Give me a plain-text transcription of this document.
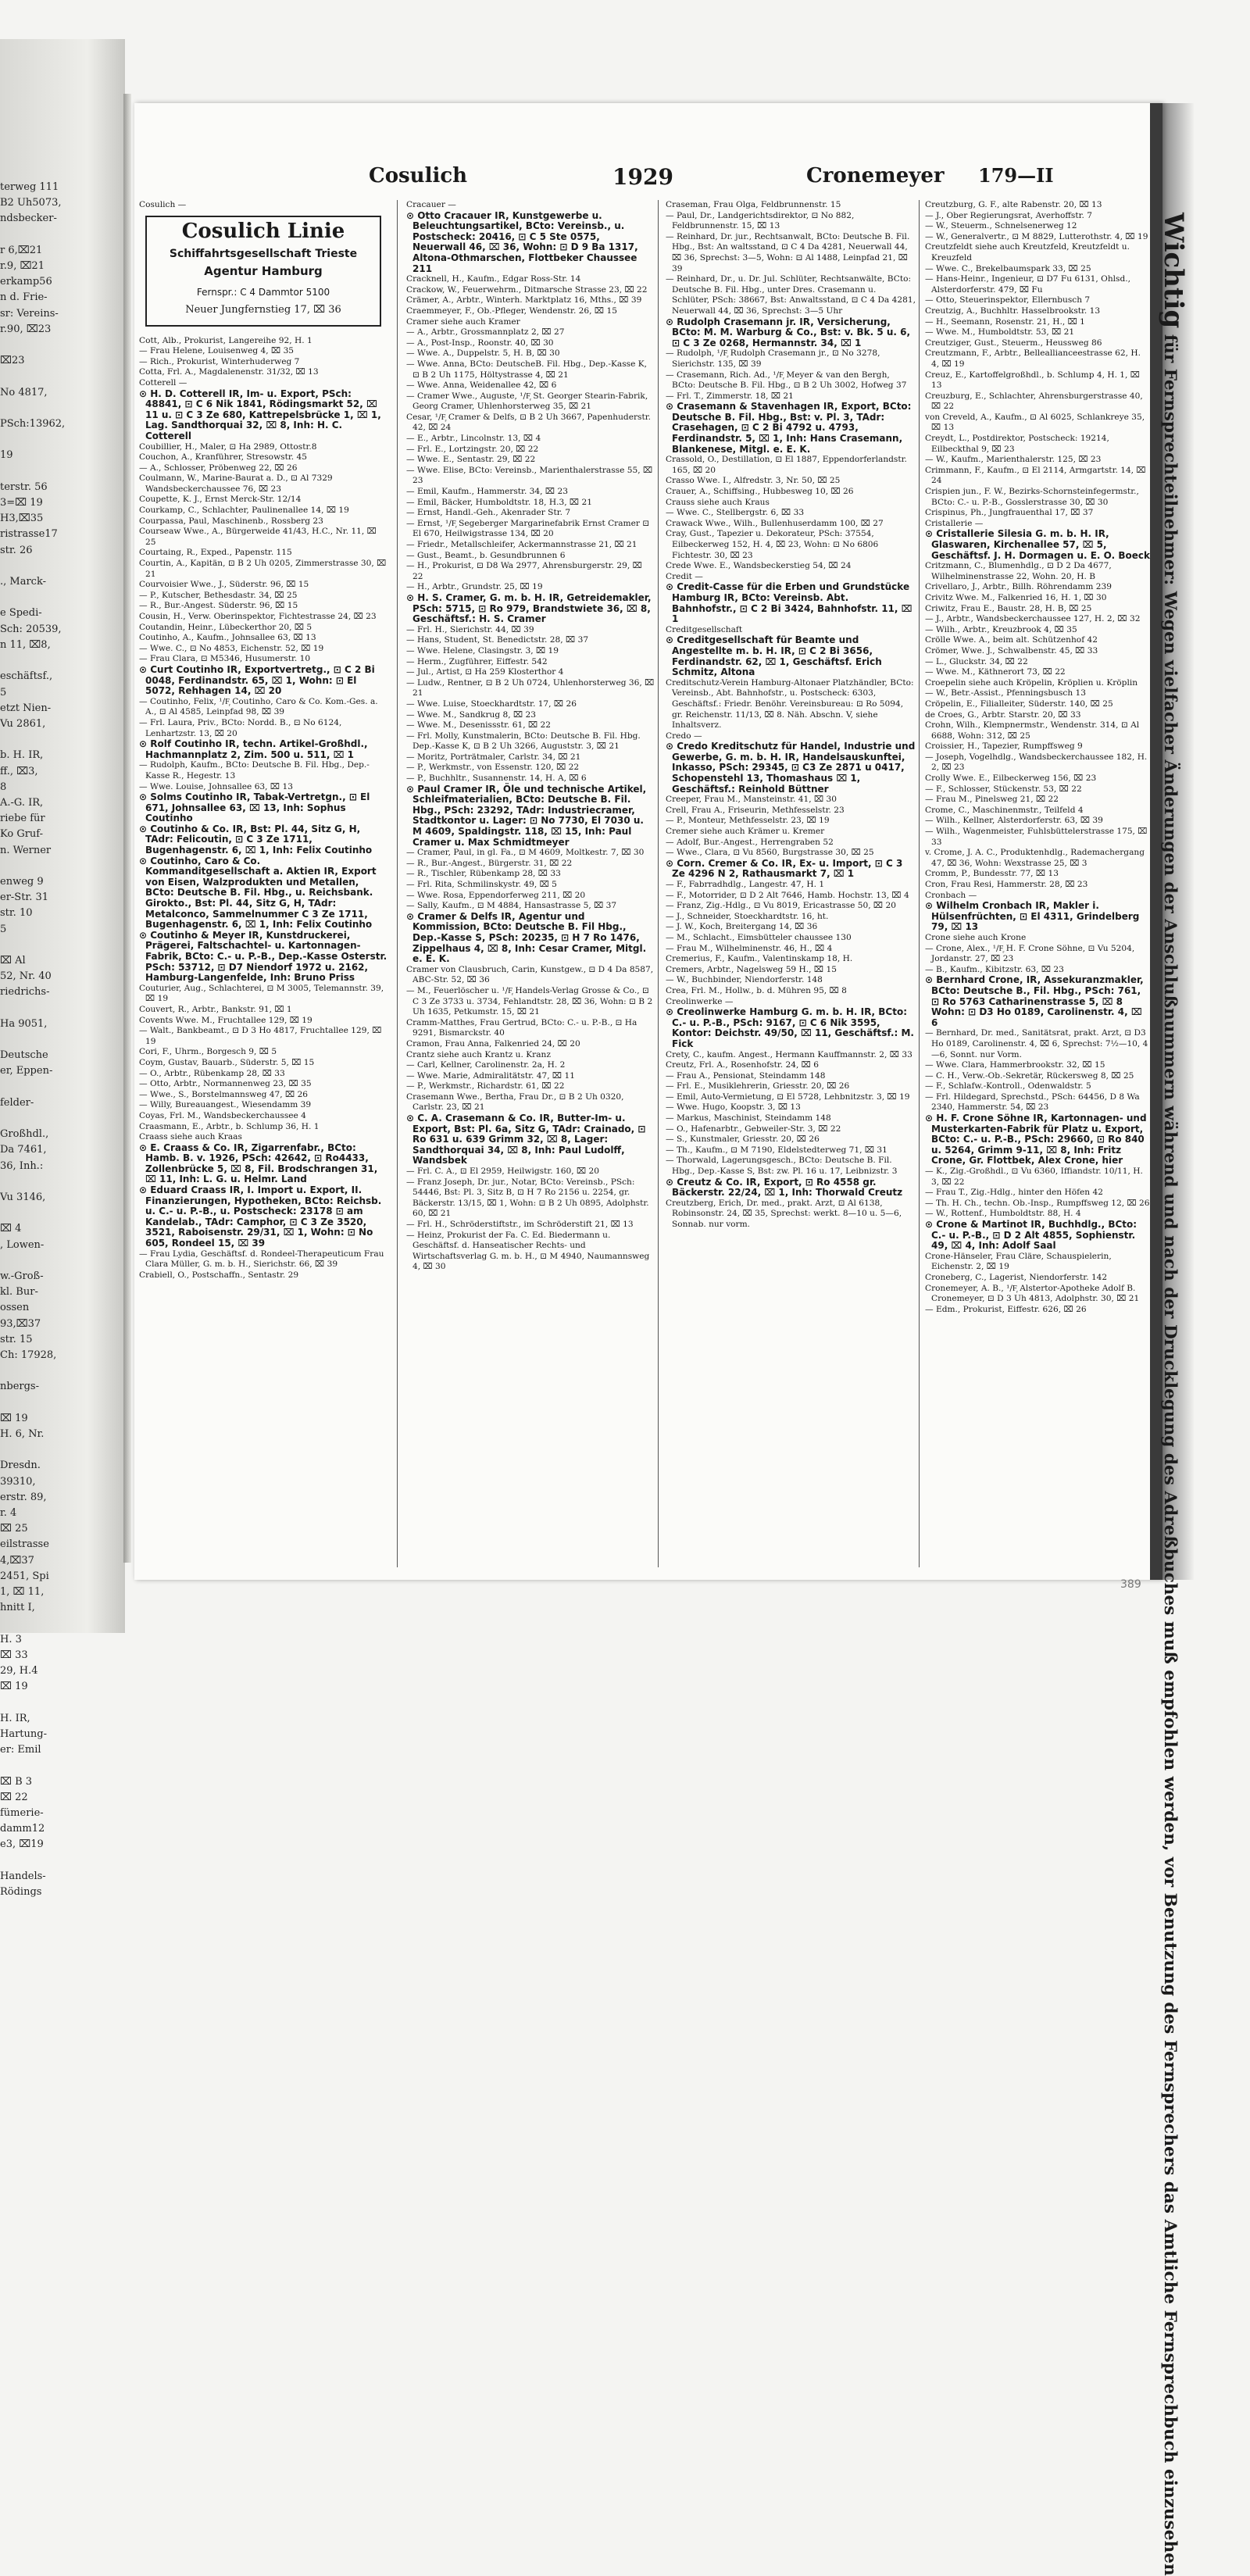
terweg 111
B2 Uh5073,
ndsbecker-

r 6,⌧21
r.9, ⌧21
erkamp56
n d. Frie-
sr: Vereins-
r.90, ⌧23

⌧23

No 4817,

PSch:13962,

19

terstr. 56
3=⌧ 19
H3,⌧35
ristrasse17
str. 26

., Marck-

e Spedi-
Sch: 20539,
n 11, ⌧8,

eschäftsf.,
5
etzt Nien-
Vu 2861,

b. H. IR,
ff., ⌧3,
8
A.-G. IR,
riebe für
Ko Gruf-
n. Werner

enweg 9
er-Str. 31
str. 10
5

⌧ Al
52, Nr. 40
riedrichs-

Ha 9051,

Deutsche
er, Eppen-

felder-

Großhdl.,
Da 7461,
36, Inh.:

Vu 3146,

⌧ 4
, Lowen-

w.-Groß-
kl. Bur-
ossen
93,⌧37
str. 15
Ch: 17928,

nbergs-

⌧ 19
H. 6, Nr.

Dresdn.
39310,
erstr. 89,
r. 4
⌧ 25
eilstrasse
4,⌧37
2451, Spi
1, ⌧ 11,
hnitt I,

H. 3
⌧ 33
29, H.4
⌧ 19

H. IR,
Hartung-
er: Emil

⌧ B 3
⌧ 22
fümerie-
damm12
e3, ⌧19

Handels-
Rödings
Cosulich	1929	Cronemeyer 179—II
Cosulich —
Cosulich Linie
Schiffahrtsgesellschaft Trieste
Agentur Hamburg
Fernspr.: C 4 Dammtor 5100
Neuer Jungfernstieg 17, ⌧ 36
Cott, Alb., Prokurist, Langereihe 92, H. 1
— Frau Helene, Louisenweg 4, ⌧ 35
— Rich., Prokurist, Winterhuderweg 7
Cotta, Frl. A., Magdalenenstr. 31/32, ⌧ 13
Cotterell —
⊙ H. D. Cotterell IR, Im- u. Export, PSch: 48841, ⊡ C 6 Nik 1841, Rödingsmarkt 52, ⌧ 11 u. ⊡ C 3 Ze 680, Kattrepelsbrücke 1, ⌧ 1, Lag. Sandthorquai 32, ⌧ 8, Inh: H. C. Cotterell
Coubillier, H., Maler, ⊡ Ha 2989, Ottostr.8
Couchon, A., Kranführer, Stresowstr. 45
— A., Schlosser, Pröbenweg 22, ⌧ 26
Coulmann, W., Marine-Baurat a. D., ⊡ Al 7329 Wandsbeckerchaussee 76, ⌧ 23
Coupette, K. J., Ernst Merck-Str. 12/14
Courkamp, C., Schlachter, Paulinenallee 14, ⌧ 19
Courpassa, Paul, Maschinenb., Rossberg 23
Courseaw Wwe., A., Bürgerweide 41/43, H.C., Nr. 11, ⌧ 25
Courtaing, R., Exped., Papenstr. 115
Courtin, A., Kapitän, ⊡ B 2 Uh 0205, Zimmerstrasse 30, ⌧ 21
Courvoisier Wwe., J., Süderstr. 96, ⌧ 15
— P., Kutscher, Bethesdastr. 34, ⌧ 25
— R., Bur.-Angest. Süderstr. 96, ⌧ 15
Cousin, H., Verw. Oberinspektor, Fichtestrasse 24, ⌧ 23
Coutandin, Heinr., Lübeckerthor 20, ⌧ 5
Coutinho, A., Kaufm., Johnsallee 63, ⌧ 13
— Wwe. C., ⊡ No 4853, Eichenstr. 52, ⌧ 19
— Frau Clara, ⊡ M5346, Husumerstr. 10
⊙ Curt Coutinho IR, Exportvertretg., ⊡ C 2 Bi 0048, Ferdinandstr. 65, ⌧ 1, Wohn: ⊡ El 5072, Rehhagen 14, ⌧ 20
— Coutinho, Felix, ¹/F᷊ Coutinho, Caro & Co. Kom.-Ges. a. A., ⊡ Al 4585, Leinpfad 98, ⌧ 39
— Frl. Laura, Priv., BCto: Nordd. B., ⊡ No 6124, Lenhartzstr. 13, ⌧ 20
⊙ Rolf Coutinho IR, techn. Artikel-Großhdl., Hachmannplatz 2, Zim. 500 u. 511, ⌧ 1
— Rudolph, Kaufm., BCto: Deutsche B. Fil. Hbg., Dep.-Kasse R., Hegestr. 13
— Wwe. Louise, Johnsallee 63, ⌧ 13
⊙ Solms Coutinho IR, Tabak-Vertretgn., ⊡ El 671, Johnsallee 63, ⌧ 13, Inh: Sophus Coutinho
⊙ Coutinho & Co. IR, Bst: Pl. 44, Sitz G, H, TAdr: Felicoutin, ⊡ C 3 Ze 1711, Bugenhagenstr. 6, ⌧ 1, Inh: Felix Coutinho
⊙ Coutinho, Caro & Co. Kommanditgesellschaft a. Aktien IR, Export von Eisen, Walzprodukten und Metallen, BCto: Deutsche B. Fil. Hbg., u. Reichsbank. Girokto., Bst: Pl. 44, Sitz G, H, TAdr: Metalconco, Sammelnummer C 3 Ze 1711, Bugenhagenstr. 6, ⌧ 1, Inh: Felix Coutinho
⊙ Coutinho & Meyer IR, Kunstdruckerei, Prägerei, Faltschachtel- u. Kartonnagen-Fabrik, BCto: C.- u. P.-B., Dep.-Kasse Osterstr. PSch: 53712, ⊡ D7 Niendorf 1972 u. 2162, Hamburg-Langenfelde, Inh: Bruno Priss
Couturier, Aug., Schlachterei, ⊡ M 3005, Telemannstr. 39, ⌧ 19
Couvert, R., Arbtr., Bankstr. 91, ⌧ 1
Covents Wwe. M., Fruchtallee 129, ⌧ 19
— Walt., Bankbeamt., ⊡ D 3 Ho 4817, Fruchtallee 129, ⌧ 19
Cori, F., Uhrm., Borgesch 9, ⌧ 5
Coym, Gustav, Bauarb., Süderstr. 5, ⌧ 15
— O., Arbtr., Rübenkamp 28, ⌧ 33
— Otto, Arbtr., Normannenweg 23, ⌧ 35
— Wwe., S., Borstelmannsweg 47, ⌧ 26
— Willy, Bureauangest., Wiesendamm 39
Coyas, Frl. M., Wandsbeckerchaussee 4
Craasmann, E., Arbtr., b. Schlump 36, H. 1
Craass siehe auch Kraas
⊙ E. Craass & Co. IR, Zigarrenfabr., BCto: Hamb. B. v. 1926, PSch: 42642, ⊡ Ro4433, Zollenbrücke 5, ⌧ 8, Fil. Brodschrangen 31, ⌧ 11, Inh: L. G. u. Helmr. Land
⊙ Eduard Craass IR, I. Import u. Export, II. Finanzierungen, Hypotheken, BCto: Reichsb. u. C.- u. P.-B., u. Postscheck: 23178 ⊡ am Kandelab., TAdr: Camphor, ⊡ C 3 Ze 3520, 3521, Raboisenstr. 29/31, ⌧ 1, Wohn: ⊡ No 605, Rondeel 15, ⌧ 39
— Frau Lydia, Geschäftsf. d. Rondeel-Therapeuticum Frau Clara Müller, G. m. b. H., Sierichstr. 66, ⌧ 39
Crabiell, O., Postschaffn., Sentastr. 29
Cracauer —
⊙ Otto Cracauer IR, Kunstgewerbe u. Beleuchtungsartikel, BCto: Vereinsb., u. Postscheck: 20416, ⊡ C 5 Ste 0575, Neuerwall 46, ⌧ 36, Wohn: ⊡ D 9 Ba 1317, Altona-Othmarschen, Flottbeker Chaussee 211
Cracknell, H., Kaufm., Edgar Ross-Str. 14
Crackow, W., Feuerwehrm., Ditmarsche Strasse 23, ⌧ 22
Crämer, A., Arbtr., Winterh. Marktplatz 16, Mths., ⌧ 39
Craemmeyer, F., Ob.-Pfleger, Wendenstr. 26, ⌧ 15
Cramer siehe auch Kramer
— A., Arbtr., Grossmannplatz 2, ⌧ 27
— A., Post-Insp., Roonstr. 40, ⌧ 30
— Wwe. A., Duppelstr. 5, H. B, ⌧ 30
— Wwe. Anna, BCto: DeutscheB. Fil. Hbg., Dep.-Kasse K, ⊡ B 2 Uh 1175, Höltystrasse 4, ⌧ 21
— Wwe. Anna, Weidenallee 42, ⌧ 6
— Cramer Wwe., Auguste, ¹/F᷊ St. Georger Stearin-Fabrik, Georg Cramer, Uhlenhorsterweg 35, ⌧ 21
Cesar, ¹/F᷊ Cramer & Delfs, ⊡ B 2 Uh 3667, Papenhuderstr. 42, ⌧ 24
— E., Arbtr., Lincolnstr. 13, ⌧ 4
— Frl. E., Lortzingstr. 20, ⌧ 22
— Wwe. E., Sentastr. 29, ⌧ 22
— Wwe. Elise, BCto: Vereinsb., Marienthalerstrasse 55, ⌧ 23
— Emil, Kaufm., Hammerstr. 34, ⌧ 23
— Emil, Bäcker, Humboldtstr. 18, H.3, ⌧ 21
— Ernst, Handl.-Geh., Akenrader Str. 7
— Ernst, ¹/F᷊ Segeberger Margarinefabrik Ernst Cramer ⊡ El 670, Heilwigstrasse 134, ⌧ 20
— Friedr., Metallschleifer, Ackermannstrasse 21, ⌧ 21
— Gust., Beamt., b. Gesundbrunnen 6
— H., Prokurist, ⊡ D8 Wa 2977, Ahrensburgerstr. 29, ⌧ 22
— H., Arbtr., Grundstr. 25, ⌧ 19
⊙ H. S. Cramer, G. m. b. H. IR, Getreidemakler, PSch: 5715, ⊡ Ro 979, Brandstwiete 36, ⌧ 8, Geschäftsf.: H. S. Cramer
— Frl. H., Sierichstr. 44, ⌧ 39
— Hans, Student, St. Benedictstr. 28, ⌧ 37
— Wwe. Helene, Clasingstr. 3, ⌧ 19
— Herm., Zugführer, Eiffestr. 542
— Jul., Artist, ⊡ Ha 259 Klosterthor 4
— Ludw., Rentner, ⊡ B 2 Uh 0724, Uhlenhorsterweg 36, ⌧ 21
— Wwe. Luise, Stoeckhardtstr. 17, ⌧ 26
— Wwe. M., Sandkrug 8, ⌧ 23
— Wwe. M., Desenissstr. 61, ⌧ 22
— Frl. Molly, Kunstmalerin, BCto: Deutsche B. Fil. Hbg. Dep.-Kasse K, ⊡ B 2 Uh 3266, Auguststr. 3, ⌧ 21
— Moritz, Porträtmaler, Carlstr. 34, ⌧ 21
— P., Werkmstr., von Essenstr. 120, ⌧ 22
— P., Buchhltr., Susannenstr. 14, H. A, ⌧ 6
⊙ Paul Cramer IR, Öle und technische Artikel, Schleifmaterialien, BCto: Deutsche B. Fil. Hbg., PSch: 23292, TAdr: Industriecramer, Stadtkontor u. Lager: ⊡ No 7730, El 7030 u. M 4609, Spaldingstr. 118, ⌧ 15, Inh: Paul Cramer u. Max Schmidtmeyer
— Cramer, Paul, in gl. Fa., ⊡ M 4609, Moltkestr. 7, ⌧ 30
— R., Bur.-Angest., Bürgerstr. 31, ⌧ 22
— R., Tischler, Rübenkamp 28, ⌧ 33
— Frl. Rita, Schmilinskystr. 49, ⌧ 5
— Wwe. Rosa, Eppendorferweg 211, ⌧ 20
— Sally, Kaufm., ⊡ M 4884, Hansastrasse 5, ⌧ 37
⊙ Cramer & Delfs IR, Agentur und Kommission, BCto: Deutsche B. Fil Hbg., Dep.-Kasse S, PSch: 20235, ⊡ H 7 Ro 1476, Zippelhaus 4, ⌧ 8, Inh: Cesar Cramer, Mitgl. e. E. K.
Cramer von Clausbruch, Carin, Kunstgew., ⊡ D 4 Da 8587, ABC-Str. 52, ⌧ 36
— M., Feuerlöscher u. ¹/F᷊ Handels-Verlag Grosse & Co., ⊡ C 3 Ze 3733 u. 3734, Fehlandtstr. 28, ⌧ 36, Wohn: ⊡ B 2 Uh 1635, Petkumstr. 15, ⌧ 21
Cramm-Matthes, Frau Gertrud, BCto: C.- u. P.-B., ⊡ Ha 9291, Bismarckstr. 40
Cramon, Frau Anna, Falkenried 24, ⌧ 20
Crantz siehe auch Krantz u. Kranz
— Carl, Kellner, Carolinenstr. 2a, H. 2
— Wwe. Marie, Admiralitätstr. 47, ⌧ 11
— P., Werkmstr., Richardstr. 61, ⌧ 22
Crasemann Wwe., Bertha, Frau Dr., ⊡ B 2 Uh 0320, Carlstr. 23, ⌧ 21
⊙ C. A. Crasemann & Co. IR, Butter-Im- u. Export, Bst: Pl. 6a, Sitz G, TAdr: Crainado, ⊡ Ro 631 u. 639 Grimm 32, ⌧ 8, Lager: Sandthorquai 34, ⌧ 8, Inh: Paul Ludolff, Wandsbek
— Frl. C. A., ⊡ El 2959, Heilwigstr. 160, ⌧ 20
— Franz Joseph, Dr. jur., Notar, BCto: Vereinsb., PSch: 54446, Bst: Pl. 3, Sitz B, ⊡ H 7 Ro 2156 u. 2254, gr. Bäckerstr. 13/15, ⌧ 1, Wohn: ⊡ B 2 Uh 0895, Adolphstr. 60, ⌧ 21
— Frl. H., Schröderstiftstr., im Schröderstift 21, ⌧ 13
— Heinz, Prokurist der Fa. C. Ed. Biedermann u. Geschäftsf. d. Hanseatischer Rechts- und Wirtschaftsverlag G. m. b. H., ⊡ M 4940, Naumannsweg 4, ⌧ 30
Craseman, Frau Olga, Feldbrunnenstr. 15
— Paul, Dr., Landgerichtsdirektor, ⊡ No 882, Feldbrunnenstr. 15, ⌧ 13
— Reinhard, Dr. jur., Rechtsanwalt, BCto: Deutsche B. Fil. Hbg., Bst: An waltsstand, ⊡ C 4 Da 4281, Neuerwall 44, ⌧ 36, Sprechst: 3—5, Wohn: ⊡ Al 1488, Leinpfad 21, ⌧ 39
— Reinhard, Dr., u. Dr. Jul. Schlüter, Rechtsanwälte, BCto: Deutsche B. Fil. Hbg., unter Dres. Crasemann u. Schlüter, PSch: 38667, Bst: Anwaltsstand, ⊡ C 4 Da 4281, Neuerwall 44, ⌧ 36, Sprechst: 3—5 Uhr
⊙ Rudolph Crasemann jr. IR, Versicherung, BCto: M. M. Warburg & Co., Bst: v. Bk. 5 u. 6, ⊡ C 3 Ze 0268, Hermannstr. 34, ⌧ 1
— Rudolph, ¹/F᷊ Rudolph Crasemann jr., ⊡ No 3278, Sierichstr. 135, ⌧ 39
— Crasemann, Rich. Ad., ¹/F᷊ Meyer & van den Bergh, BCto: Deutsche B. Fil. Hbg., ⊡ B 2 Uh 3002, Hofweg 37
— Frl. T., Zimmerstr. 18, ⌧ 21
⊙ Crasemann & Stavenhagen IR, Export, BCto: Deutsche B. Fil. Hbg., Bst: v. Pl. 3, TAdr: Crasehagen, ⊡ C 2 Bi 4792 u. 4793, Ferdinandstr. 5, ⌧ 1, Inh: Hans Crasemann, Blankenese, Mitgl. e. E. K.
Crassold, O., Destillation, ⊡ El 1887, Eppendorferlandstr. 165, ⌧ 20
Crasso Wwe. I., Alfredstr. 3, Nr. 50, ⌧ 25
Crauer, A., Schiffsing., Hubbesweg 10, ⌧ 26
Crauss siehe auch Kraus
— Wwe. C., Stellbergstr. 6, ⌧ 33
Crawack Wwe., Wilh., Bullenhuserdamm 100, ⌧ 27
Cray, Gust., Tapezier u. Dekorateur, PSch: 37554, Eilbeckerweg 152, H. 4, ⌧ 23, Wohn: ⊡ No 6806 Fichtestr. 30, ⌧ 23
Crede Wwe. E., Wandsbeckerstieg 54, ⌧ 24
Credit —
⊙ Credit-Casse für die Erben und Grundstücke Hamburg IR, BCto: Vereinsb. Abt. Bahnhofstr., ⊡ C 2 Bi 3424, Bahnhofstr. 11, ⌧ 1
Creditgesellschaft
⊙ Creditgesellschaft für Beamte und Angestellte m. b. H. IR, ⊡ C 2 Bi 3656, Ferdinandstr. 62, ⌧ 1, Geschäftsf. Erich Schmitz, Altona
Creditschutz-Verein Hamburg-Altonaer Platzhändler, BCto: Vereinsb., Abt. Bahnhofstr., u. Postscheck: 6303, Geschäftsf.: Friedr. Benöhr. Vereinsbureau: ⊡ Ro 5094, gr. Reichenstr. 11/13, ⌧ 8. Näh. Abschn. V, siehe Inhaltsverz.
Credo —
⊙ Credo Kreditschutz für Handel, Industrie und Gewerbe, G. m. b. H. IR, Handelsauskunftei, Inkasso, PSch: 29345, ⊡ C3 Ze 2871 u 0417, Schopenstehl 13, Thomashaus ⌧ 1, Geschäftsf.: Reinhold Büttner
Creeper, Frau M., Mansteinstr. 41, ⌧ 30
Crell, Frau A., Friseurin, Methfesselstr. 23
— P., Monteur, Methfesselstr. 23, ⌧ 19
Cremer siehe auch Krämer u. Kremer
— Adolf, Bur.-Angest., Herrengraben 52
— Wwe., Clara, ⊡ Vu 8560, Burgstrasse 30, ⌧ 25
⊙ Corn. Cremer & Co. IR, Ex- u. Import, ⊡ C 3 Ze 4296 N 2, Rathausmarkt 7, ⌧ 1
— F., Fabrradhdlg., Langestr. 47, H. 1
— F., Motorrider, ⊡ D 2 Alt 7646, Hamb. Hochstr. 13, ⌧ 4
— Franz, Zig.-Hdlg., ⊡ Vu 8019, Ericastrasse 50, ⌧ 20
— J., Schneider, Stoeckhardtstr. 16, ht.
— J. W., Koch, Breitergang 14, ⌧ 36
— M., Schlacht., Eimsbütteler chaussee 130
— Frau M., Wilhelminenstr. 46, H., ⌧ 4
Cremerius, F., Kaufm., Valentinskamp 18, H.
Cremers, Arbtr., Nagelsweg 59 H., ⌧ 15
— W., Buchbinder, Niendorferstr. 148
Crea, Frl. M., Hollw., b. d. Mühren 95, ⌧ 8
Creolinwerke —
⊙ Creolinwerke Hamburg G. m. b. H. IR, BCto: C.- u. P.-B., PSch: 9167, ⊡ C 6 Nik 3595, Kontor: Deichstr. 49/50, ⌧ 11, Geschäftsf.: M. Fick
Crety, C., kaufm. Angest., Hermann Kauffmannstr. 2, ⌧ 33
Creutz, Frl. A., Rosenhofstr. 24, ⌧ 6
— Frau A., Pensionat, Steindamm 148
— Frl. E., Musiklehrerin, Griesstr. 20, ⌧ 26
— Emil, Auto-Vermietung, ⊡ El 5728, Lehbnitzstr. 3, ⌧ 19
— Wwe. Hugo, Koopstr. 3, ⌧ 13
— Markus, Maschinist, Steindamm 148
— O., Hafenarbtr., Gebweiler-Str. 3, ⌧ 22
— S., Kunstmaler, Griesstr. 20, ⌧ 26
— Th., Kaufm., ⊡ M 7190, Eldelstedterweg 71, ⌧ 31
— Thorwald, Lagerungsgesch., BCto: Deutsche B. Fil. Hbg., Dep.-Kasse S, Bst: zw. Pl. 16 u. 17, Leibnizstr. 3
⊙ Creutz & Co. IR, Export, ⊡ Ro 4558 gr. Bäckerstr. 22/24, ⌧ 1, Inh: Thorwald Creutz
Creutzberg, Erich, Dr. med., prakt. Arzt, ⊡ Al 6138, Robinsonstr. 24, ⌧ 35, Sprechst: werkt. 8—10 u. 5—6, Sonnab. nur vorm.
Creutzburg, G. F., alte Rabenstr. 20, ⌧ 13
— J., Ober Regierungsrat, Averhoffstr. 7
— W., Steuerm., Schnelsenerweg 12
— W., Generalvertr., ⊡ M 8829, Lutterothstr. 4, ⌧ 19
Creutzfeldt siehe auch Kreutzfeld, Kreutzfeldt u. Kreuzfeld
— Wwe. C., Brekelbaumspark 33, ⌧ 25
— Hans-Heinr., Ingenieur, ⊡ D7 Fu 6131, Ohlsd., Alsterdorferstr. 479, ⌧ Fu
— Otto, Steuerinspektor, Ellernbusch 7
Creutzig, A., Buchhltr. Hasselbrookstr. 13
— H., Seemann, Rosenstr. 21, H., ⌧ 1
— Wwe. M., Humboldtstr. 53, ⌧ 21
Creutziger, Gust., Steuerm., Heussweg 86
Creutzmann, F., Arbtr., Belleallianceestrasse 62, H. 4, ⌧ 19
Creuz, E., Kartoffelgroßhdl., b. Schlump 4, H. 1, ⌧ 13
Creuzburg, E., Schlachter, Ahrensburgerstrasse 40, ⌧ 22
von Creveld, A., Kaufm., ⊡ Al 6025, Schlankreye 35, ⌧ 13
Creydt, L., Postdirektor, Postscheck: 19214, Eilbeckthal 9, ⌧ 23
— W., Kaufm., Marienthalerstr. 125, ⌧ 23
Crimmann, F., Kaufm., ⊡ El 2114, Armgartstr. 14, ⌧ 24
Crispien jun., F. W., Bezirks-Schornsteinfegermstr., BCto: C.- u. P.-B., Gosslerstrasse 30, ⌧ 30
Crispinus, Ph., Jungfrauenthal 17, ⌧ 37
Cristallerie —
⊙ Cristallerie Silesia G. m. b. H. IR, Glaswaren, Kirchenallee 57, ⌧ 5, Geschäftsf. J. H. Dormagen u. E. O. Boeck
Critzmann, C., Blumenhdlg., ⊡ D 2 Da 4677, Wilhelminenstrasse 22, Wohn. 20, H. B
Crivellaro, J., Arbtr., Billh. Röhrendamm 239
Crivitz Wwe. M., Falkenried 16, H. 1, ⌧ 30
Criwitz, Frau E., Baustr. 28, H. B, ⌧ 25
— J., Arbtr., Wandsbeckerchaussee 127, H. 2, ⌧ 32
— Wilh., Arbtr., Kreuzbrook 4, ⌧ 35
Crölle Wwe. A., beim alt. Schützenhof 42
Crömer, Wwe. J., Schwalbenstr. 45, ⌧ 33
— L., Gluckstr. 34, ⌧ 22
— Wwe. M., Käthnerort 73, ⌧ 22
Croepelin siehe auch Kröpelin, Kröplien u. Kröplin
— W., Betr.-Assist., Pfenningsbusch 13
Cröpelin, E., Filialleiter, Süderstr. 140, ⌧ 25
de Croes, G., Arbtr. Starstr. 20, ⌧ 33
Crohn, Wilh., Klempnermstr., Wendenstr. 314, ⊡ Al 6688, Wohn: 312, ⌧ 25
Croissier, H., Tapezier, Rumpffsweg 9
— Joseph, Vogelhdlg., Wandsbeckerchaussee 182, H. 2, ⌧ 23
Crolly Wwe. E., Eilbeckerweg 156, ⌧ 23
— F., Schlosser, Stückenstr. 53, ⌧ 22
— Frau M., Pinelsweg 21, ⌧ 22
Crome, C., Maschinenmstr., Teilfeld 4
— Wilh., Kellner, Alsterdorferstr. 63, ⌧ 39
— Wilh., Wagenmeister, Fuhlsbüttelerstrasse 175, ⌧ 33
v. Crome, J. A. C., Produktenhdlg., Rademachergang 47, ⌧ 36, Wohn: Wexstrasse 25, ⌧ 3
Cromm, P., Bundesstr. 77, ⌧ 13
Cron, Frau Resi, Hammerstr. 28, ⌧ 23
Cronbach —
⊙ Wilhelm Cronbach IR, Makler i. Hülsenfrüchten, ⊡ El 4311, Grindelberg 79, ⌧ 13
Crone siehe auch Krone
— Crone, Alex., ¹/F᷊ H. F. Crone Söhne, ⊡ Vu 5204, Jordanstr. 27, ⌧ 23
— B., Kaufm., Kibitzstr. 63, ⌧ 23
⊙ Bernhard Crone, IR, Assekuranzmakler, BCto: Deutsche B., Fil. Hbg., PSch: 761, ⊡ Ro 5763 Catharinenstrasse 5, ⌧ 8 Wohn: ⊡ D3 Ho 0189, Carolinenstr. 4, ⌧ 6
— Bernhard, Dr. med., Sanitätsrat, prakt. Arzt, ⊡ D3 Ho 0189, Carolinenstr. 4, ⌧ 6, Sprechst: 7½—10, 4—6, Sonnt. nur Vorm.
— Wwe. Clara, Hammerbrookstr. 32, ⌧ 15
— C. H., Verw.-Ob.-Sekretär, Rückersweg 8, ⌧ 25
— F., Schlafw.-Kontroll., Odenwaldstr. 5
— Frl. Hildegard, Sprechstd., PSch: 64456, D 8 Wa 2340, Hammerstr. 54, ⌧ 23
⊙ H. F. Crone Söhne IR, Kartonnagen- und Musterkarten-Fabrik für Platz u. Export, BCto: C.- u. P.-B., PSch: 29660, ⊡ Ro 840 u. 5264, Grimm 9-11, ⌧ 8, Inh: Fritz Crone, Gr. Flottbek, Alex Crone, hier
— K., Zig.-Großhdl., ⊡ Vu 6360, Iffiandstr. 10/11, H. 3, ⌧ 22
— Frau T., Zig.-Hdlg., hinter den Höfen 42
— Th. H. Ch., techn. Ob.-Insp., Rumpffsweg 12, ⌧ 26
— W., Rottenf., Humboldtstr. 88, H. 4
⊙ Crone & Martinot IR, Buchhdlg., BCto: C.- u. P.-B., ⊡ D 2 Alt 4855, Sophienstr. 49, ⌧ 4, Inh: Adolf Saal
Crone-Hänseler, Frau Cläre, Schauspielerin, Eichenstr. 2, ⌧ 19
Croneberg, C., Lagerist, Niendorferstr. 142
Cronemeyer, A. B., ¹/F᷊ Alstertor-Apotheke Adolf B. Cronemeyer, ⊡ D 3 Uh 4813, Adolphstr. 30, ⌧ 21
— Edm., Prokurist, Eiffestr. 626, ⌧ 26
Wichtig für Fernsprechteilnehmer: Wegen vielfacher Änderungen der Anschlußnummern während und nach der Drucklegung des Adreßbuches muß empfohlen werden, vor Benutzung des Fernsprechers das Amtliche Fernsprechbuch einzusehen
389
